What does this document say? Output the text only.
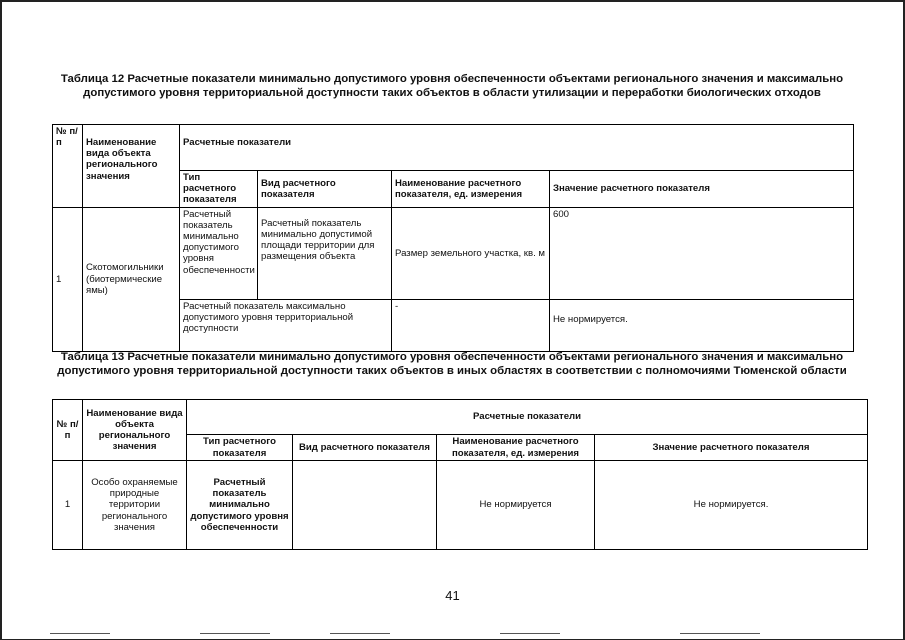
Таблица 12 Расчетные показатели минимально допустимого уровня обеспеченности объектами регионального значения и максимально допустимого уровня территориальной доступности таких объектов в области утилизации и переработки биологических отходов
№ п/п	Наименование вида объекта регионального значения	Расчетные показатели			
		Тип расчетного показателя	Вид расчетного показателя	Наименование расчетного показателя, ед. измерения	Значение расчетного показателя
1	Скотомогильники (биотермические ямы)	Расчетный показатель минимально допустимого уровня обеспеченности	Расчетный показатель минимально допустимой площади территории для размещения объекта	Размер земельного участка, кв. м	600
		Расчетный показатель максимально допустимого уровня территориальной доступности		-	Не нормируется.
Таблица 13 Расчетные показатели минимально допустимого уровня обеспеченности объектами регионального значения и максимально допустимого уровня территориальной доступности таких объектов в иных областях в соответствии с полномочиями Тюменской области
№ п/п	Наименование вида объекта регионального значения	Расчетные показатели			
		Тип расчетного показателя	Вид расчетного показателя	Наименование расчетного показателя, ед. измерения	Значение расчетного показателя
1	Особо охраняемые природные территории регионального значения	Расчетный показатель минимально допустимого уровня обеспеченности		Не нормируется	Не нормируется.
41
